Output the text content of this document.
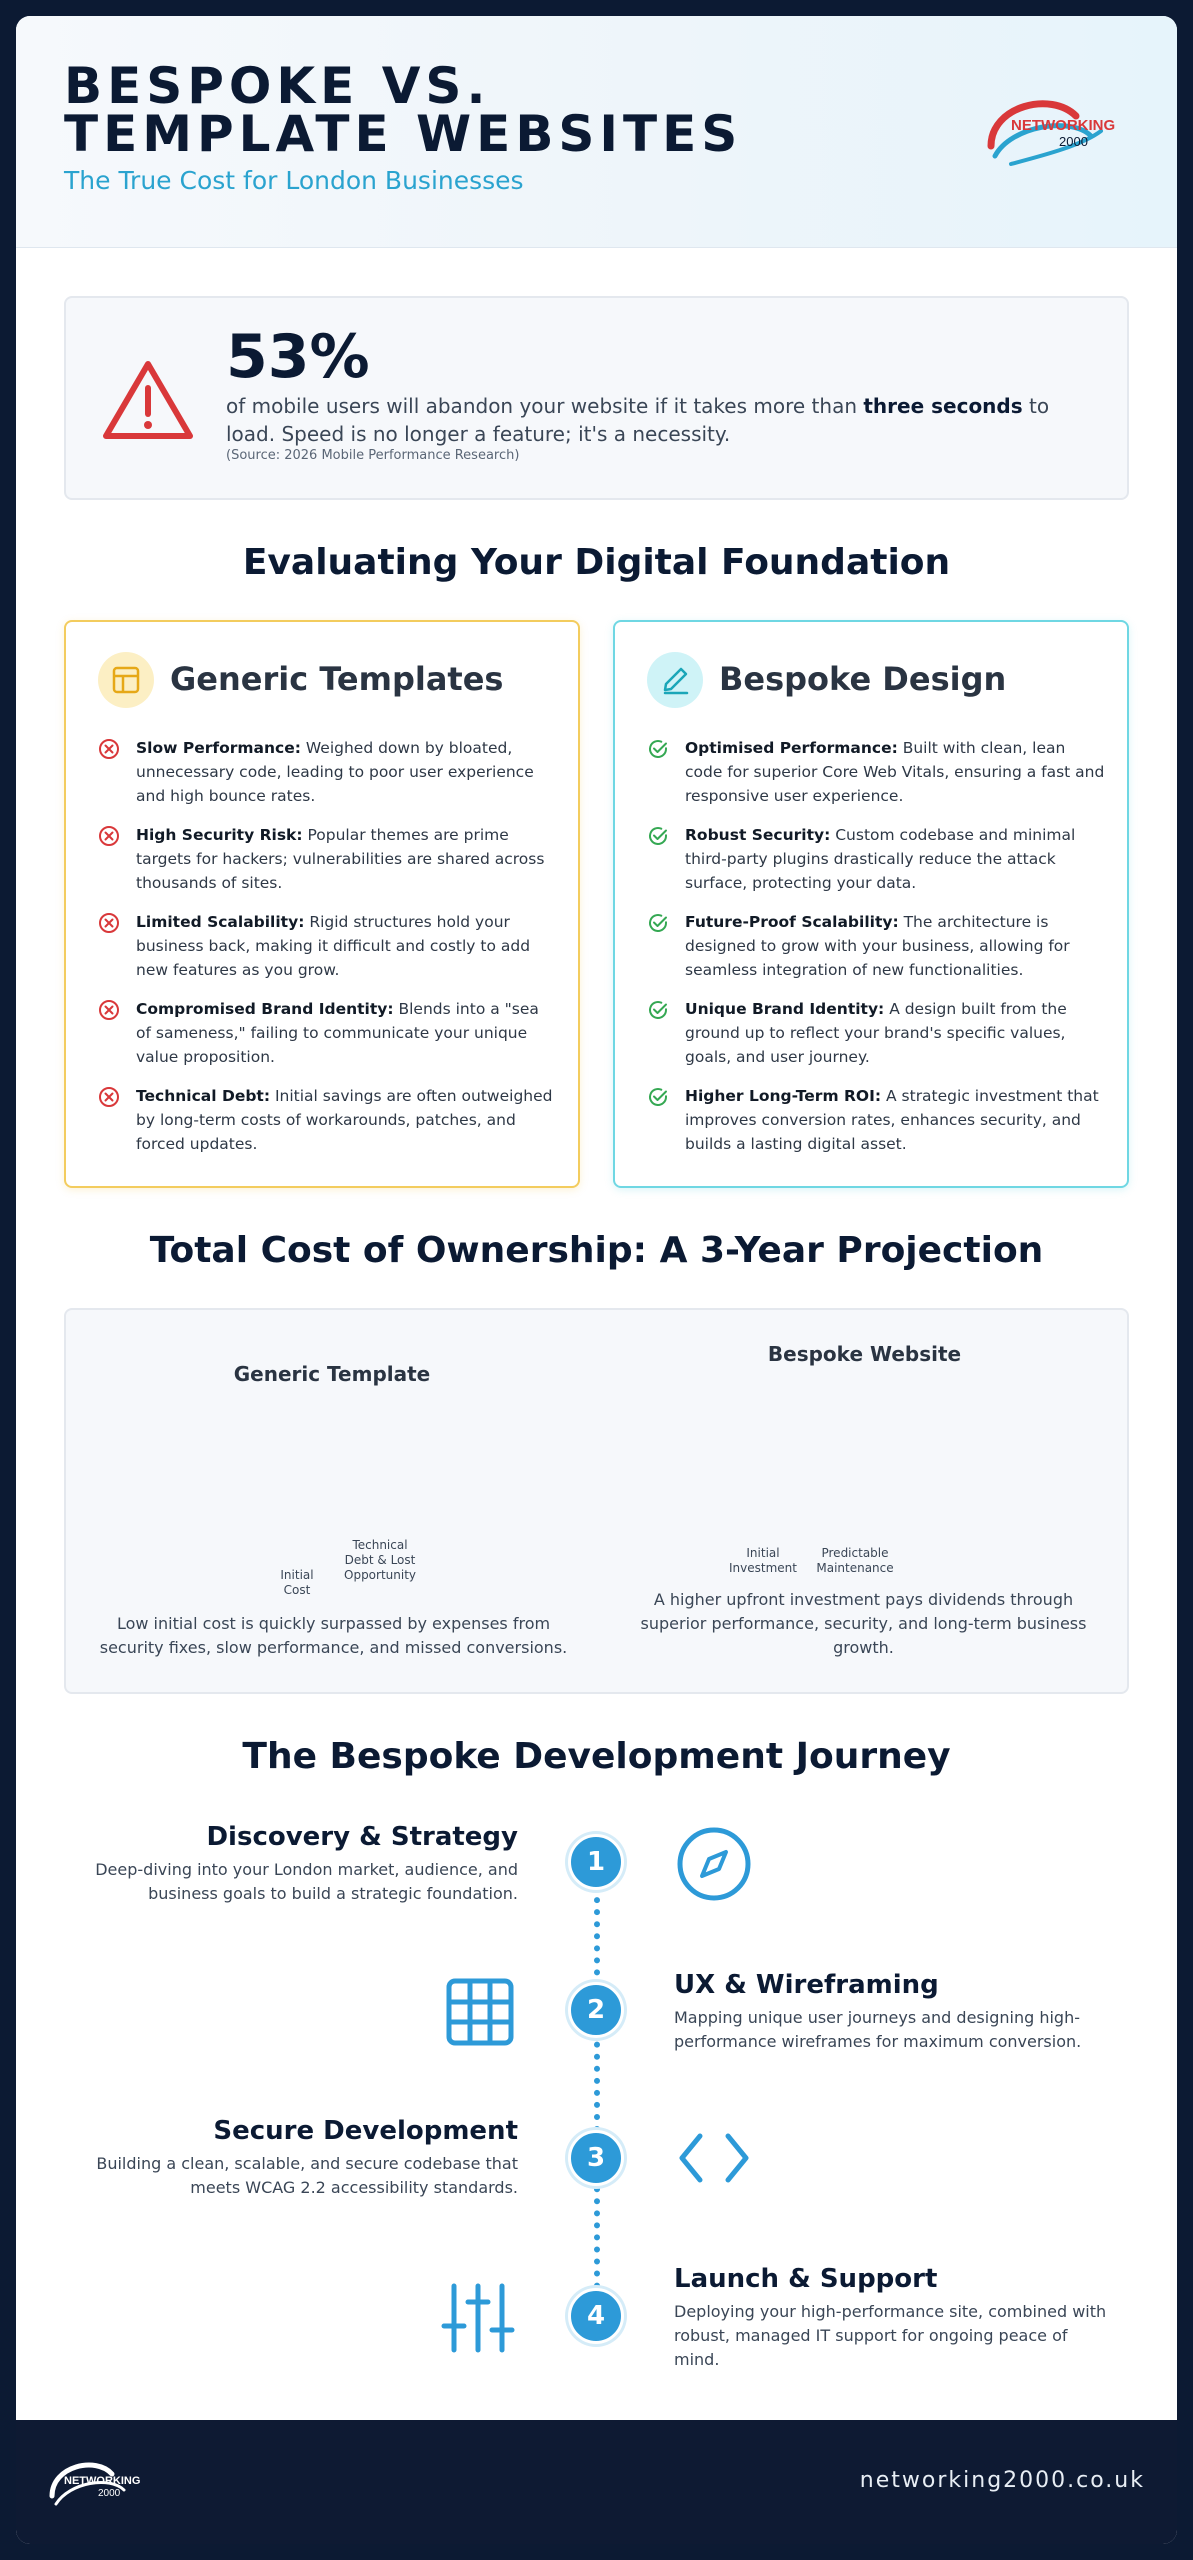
BESPOKE VS. TEMPLATE WEBSITES
The True Cost for London Businesses
NETWORKING
2000
53%
of mobile users will abandon your website if it takes more than three seconds to load. Speed is no longer a feature; it's a necessity.
(Source: 2026 Mobile Performance Research)
Evaluating Your Digital Foundation
Generic Templates
Slow Performance: Weighed down by bloated, unnecessary code, leading to poor user experience and high bounce rates.
High Security Risk: Popular themes are prime targets for hackers; vulnerabilities are shared across thousands of sites.
Limited Scalability: Rigid structures hold your business back, making it difficult and costly to add new features as you grow.
Compromised Brand Identity: Blends into a "sea of sameness," failing to communicate your unique value proposition.
Technical Debt: Initial savings are often outweighed by long-term costs of workarounds, patches, and forced updates.
Bespoke Design
Optimised Performance: Built with clean, lean code for superior Core Web Vitals, ensuring a fast and responsive user experience.
Robust Security: Custom codebase and minimal third-party plugins drastically reduce the attack surface, protecting your data.
Future-Proof Scalability: The architecture is designed to grow with your business, allowing for seamless integration of new functionalities.
Unique Brand Identity: A design built from the ground up to reflect your brand's specific values, goals, and user journey.
Higher Long-Term ROI: A strategic investment that improves conversion rates, enhances security, and builds a lasting digital asset.
Total Cost of Ownership: A 3-Year Projection
Generic Template
Initial Cost
Technical Debt & Lost Opportunity
Low initial cost is quickly surpassed by expenses from security fixes, slow performance, and missed conversions.
Bespoke Website
Initial Investment
Predictable Maintenance
A higher upfront investment pays dividends through superior performance, security, and long-term business growth.
The Bespoke Development Journey
Discovery & Strategy
Deep-diving into your London market, audience, and business goals to build a strategic foundation.
1
2
UX & Wireframing
Mapping unique user journeys and designing high-performance wireframes for maximum conversion.
Secure Development
Building a clean, scalable, and secure codebase that meets WCAG 2.2 accessibility standards.
3
4
Launch & Support
Deploying your high-performance site, combined with robust, managed IT support for ongoing peace of mind.
NETWORKING
2000
networking2000.co.uk
